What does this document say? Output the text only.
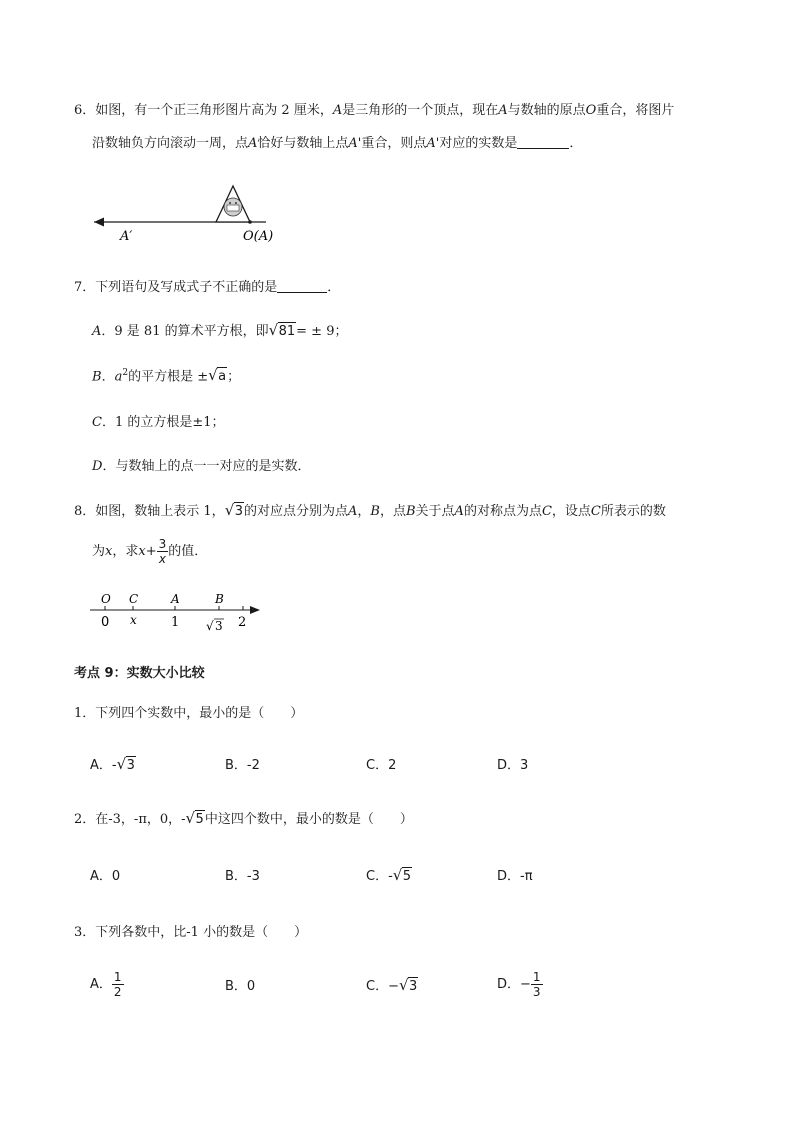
6．如图，有一个正三角形图片高为 2 厘米，A是三角形的一个顶点，现在A与数轴的原点O重合，将图片
沿数轴负方向滚动一周，点A恰好与数轴上点A'重合，则点A'对应的实数是	．
A′	O(A)
7．下列语句及写成式子不正确的是	．
A．9 是 81 的算术平方根，即 √ 81= ± 9；
B．$a^2$的平方根是 ± √ a；
C．1 的立方根是±1；
D．与数轴上的点一一对应的是实数．
8．如图，数轴上表示 1， √ 3的对应点分别为点A，B，点B关于点A的对称点为点C，设点C所表示的数
为x，求$x+ \frac{3}{x}$ 的值．
O C	A	B
0 x	1 √ 3 2
考点 9：实数大小比较
1．下列四个实数中，最小的是（　　）
A．- √ 3	B．-2	C．2	D．3
2．在-3，-π，0，- √ 5中这四个数中，最小的数是（　　）
A．0	B．-3	C．- √ 5	D．-π
3．下列各数中，比-1 小的数是（　　）
A． $\frac{1}{2}$	B．0	C．− √ 3	D．− $\frac{1}{3}$
